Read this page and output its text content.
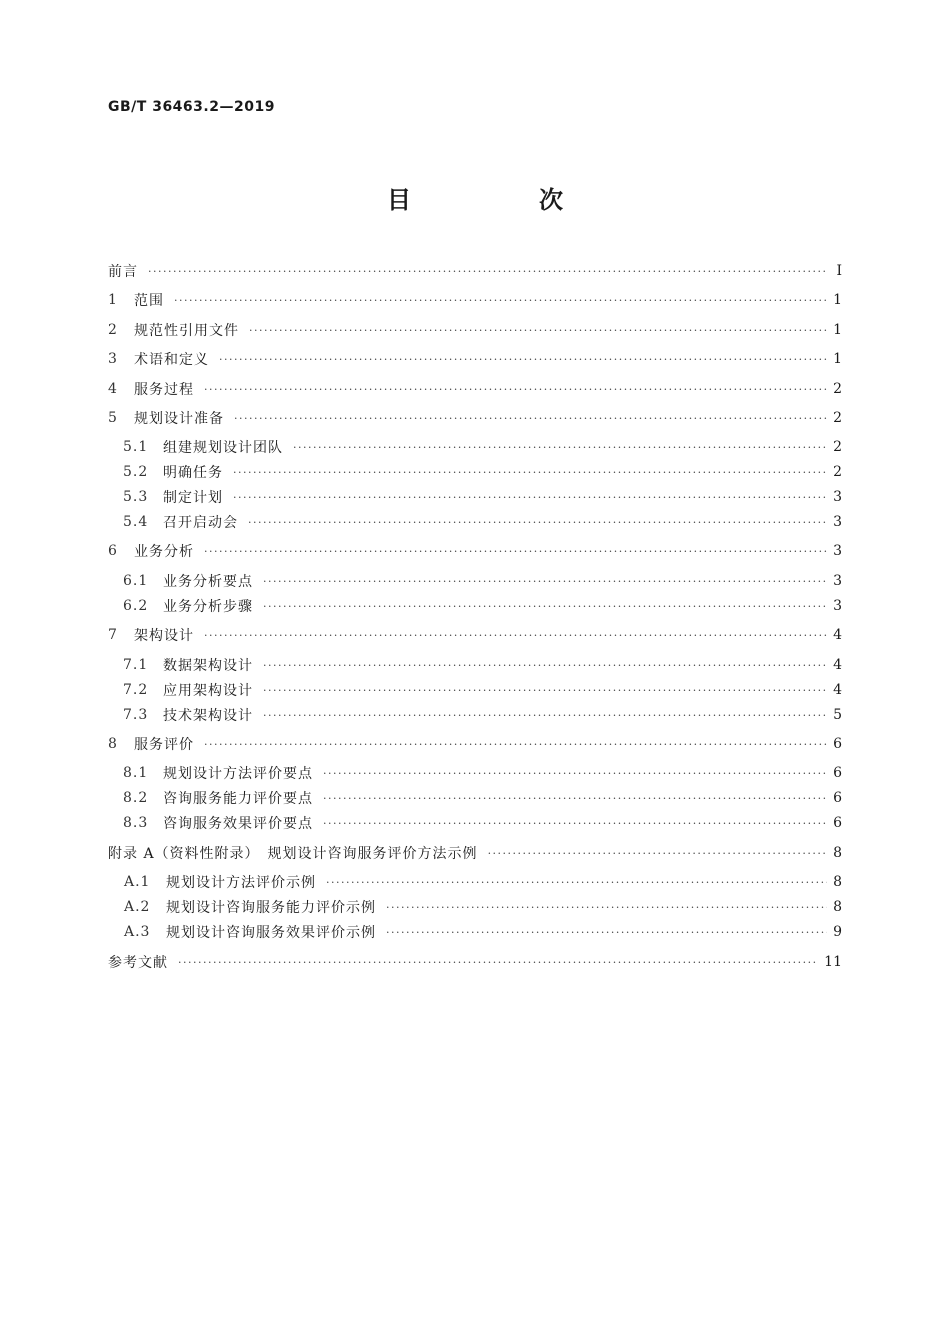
GB/T 36463.2—2019
目　次
前言 ·····	Ⅰ
1	范围 ·····	1
2	规范性引用文件 ·····	1
3	术语和定义 ·····	1
4	服务过程 ·····	2
5	规划设计准备 ·····	2
5.1	组建规划设计团队 ·····	2
5.2	明确任务 ·····	2
5.3	制定计划 ·····	3
5.4	召开启动会 ·····	3
6	业务分析 ·····	3
6.1	业务分析要点 ·····	3
6.2	业务分析步骤 ·····	3
7	架构设计 ·····	4
7.1	数据架构设计 ·····	4
7.2	应用架构设计 ·····	4
7.3	技术架构设计 ·····	5
8	服务评价 ·····	6
8.1	规划设计方法评价要点 ·····	6
8.2	咨询服务能力评价要点 ·····	6
8.3	咨询服务效果评价要点 ·····	6
附录 A（资料性附录）　规划设计咨询服务评价方法示例 ·····	8
A.1	规划设计方法评价示例 ·····	8
A.2	规划设计咨询服务能力评价示例 ·····	8
A.3	规划设计咨询服务效果评价示例 ·····	9
参考文献 ·····	11
